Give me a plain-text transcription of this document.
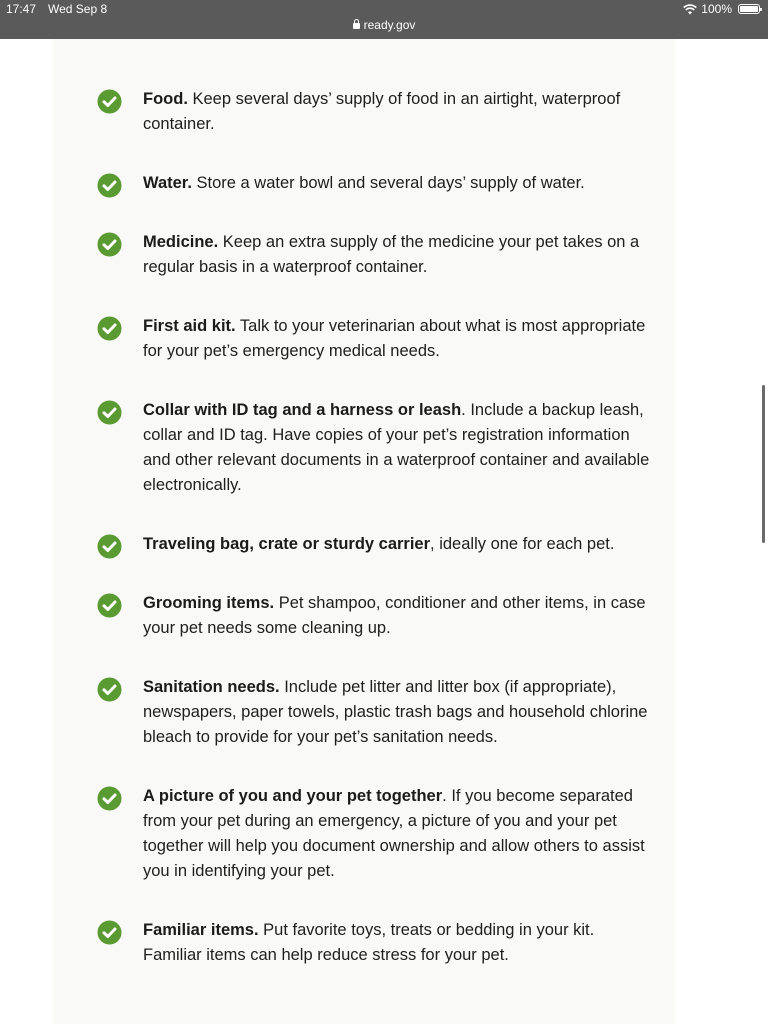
17:47 Wed Sep 8	100%
ready.gov
Food. Keep several days’ supply of food in an airtight, waterproof container.
Water. Store a water bowl and several days’ supply of water.
Medicine. Keep an extra supply of the medicine your pet takes on a regular basis in a waterproof container.
First aid kit. Talk to your veterinarian about what is most appropriate for your pet’s emergency medical needs.
Collar with ID tag and a harness or leash. Include a backup leash, collar and ID tag. Have copies of your pet’s registration information and other relevant documents in a waterproof container and available electronically.
Traveling bag, crate or sturdy carrier, ideally one for each pet.
Grooming items. Pet shampoo, conditioner and other items, in case your pet needs some cleaning up.
Sanitation needs. Include pet litter and litter box (if appropriate), newspapers, paper towels, plastic trash bags and household chlorine bleach to provide for your pet’s sanitation needs.
A picture of you and your pet together. If you become separated from your pet during an emergency, a picture of you and your pet together will help you document ownership and allow others to assist you in identifying your pet.
Familiar items. Put favorite toys, treats or bedding in your kit. Familiar items can help reduce stress for your pet.
